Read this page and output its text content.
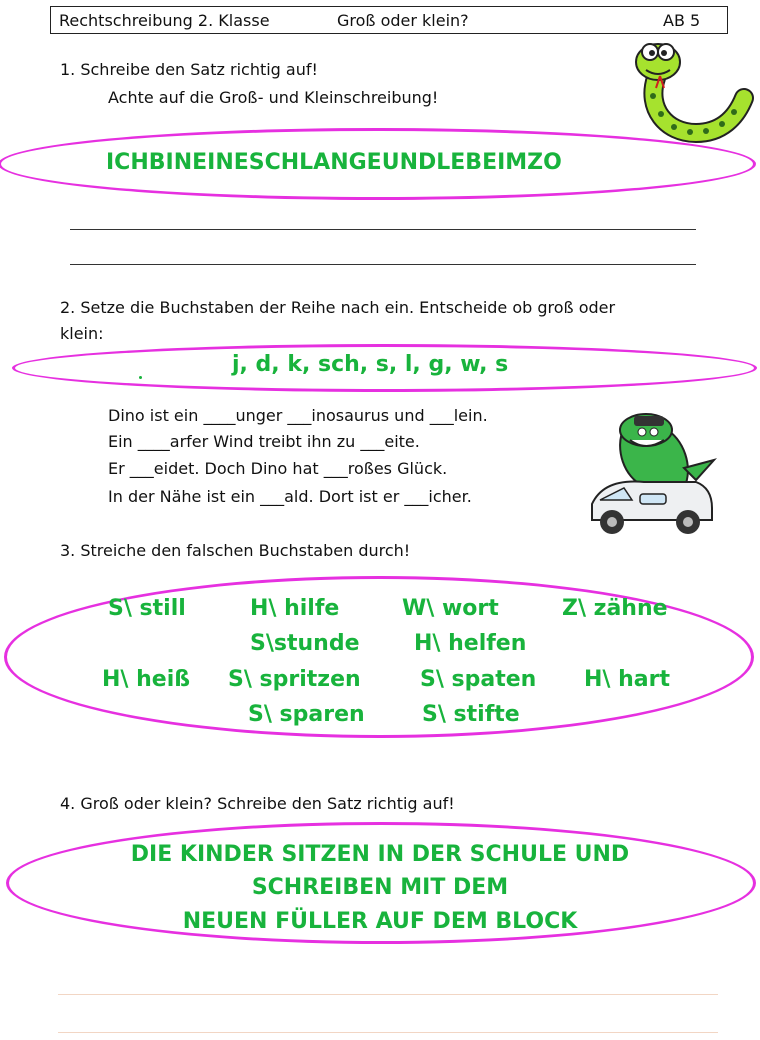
Rechtschreibung 2. Klasse	Groß oder klein?	AB 5
1. Schreibe den Satz richtig auf!
Achte auf die Groß- und Kleinschreibung!
ICHBINEINESCHLANGEUNDLEBEIMZO
2. Setze die Buchstaben der Reihe nach ein. Entscheide ob groß oder
klein:
j, d, k, sch, s, l, g, w, s
Dino ist ein ____unger ___inosaurus und ___lein.
Ein ____arfer Wind treibt ihn zu ___eite.
Er ___eidet. Doch Dino hat ___roßes Glück.
In der Nähe ist ein ___ald. Dort ist er ___icher.
3. Streiche den falschen Buchstaben durch!
S\ still	H\ hilfe	W\ wort	Z\ zähne
S\stunde H\ helfen
H\ heiß S\ spritzen	S\ spaten H\ hart
S\ sparen	S\ stifte
4. Groß oder klein? Schreibe den Satz richtig auf!
DIE KINDER SITZEN IN DER SCHULE UND
SCHREIBEN MIT DEM
NEUEN FÜLLER AUF DEM BLOCK
